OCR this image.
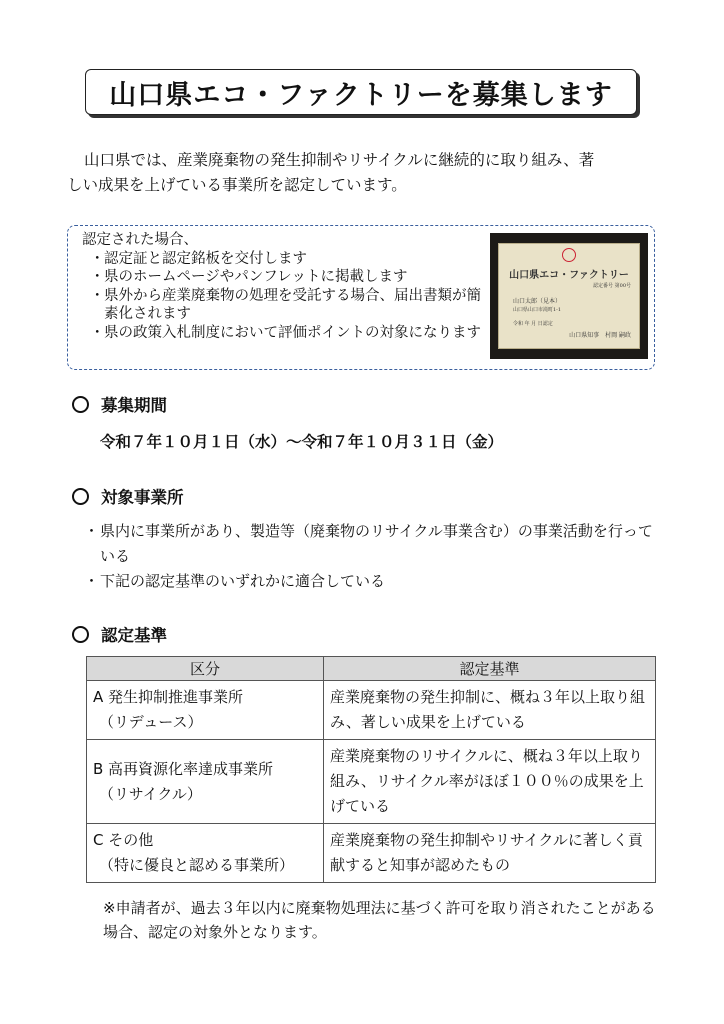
山口県エコ・ファクトリーを募集します
山口県では、産業廃棄物の発生抑制やリサイクルに継続的に取り組み、著
しい成果を上げている事業所を認定しています。
認定された場合、
・ 認定証と認定銘板を交付します
・ 県のホームページやパンフレットに掲載します
・ 県外から産業廃棄物の処理を受託する場合、届出書類が簡素化されます
・ 県の政策入札制度において評価ポイントの対象になります
山口県エコ・ファクトリー
認定番号 第00号
山口太郎（見本）
山口県山口市滝町1-1
令和 年 月 日認定
山口県知事　村岡 嗣政
募集期間
令和７年１０月１日（水）～令和７年１０月３１日（金）
対象事業所
・ 県内に事業所があり、製造等（廃棄物のリサイクル事業含む）の事業活動を行っている
・ 下記の認定基準のいずれかに適合している
認定基準
区分	認定基準

A 発生抑制推進事業所
（リデュース）	産業廃棄物の発生抑制に、概ね３年以上取り組み、著しい成果を上げている

B 高再資源化率達成事業所
（リサイクル）	産業廃棄物のリサイクルに、概ね３年以上取り組み、リサイクル率がほぼ１００％の成果を上げている

C その他
（特に優良と認める事業所）	産業廃棄物の発生抑制やリサイクルに著しく貢献すると知事が認めたもの
※申請者が、過去３年以内に廃棄物処理法に基づく許可を取り消されたことがある場合、認定の対象外となります。
